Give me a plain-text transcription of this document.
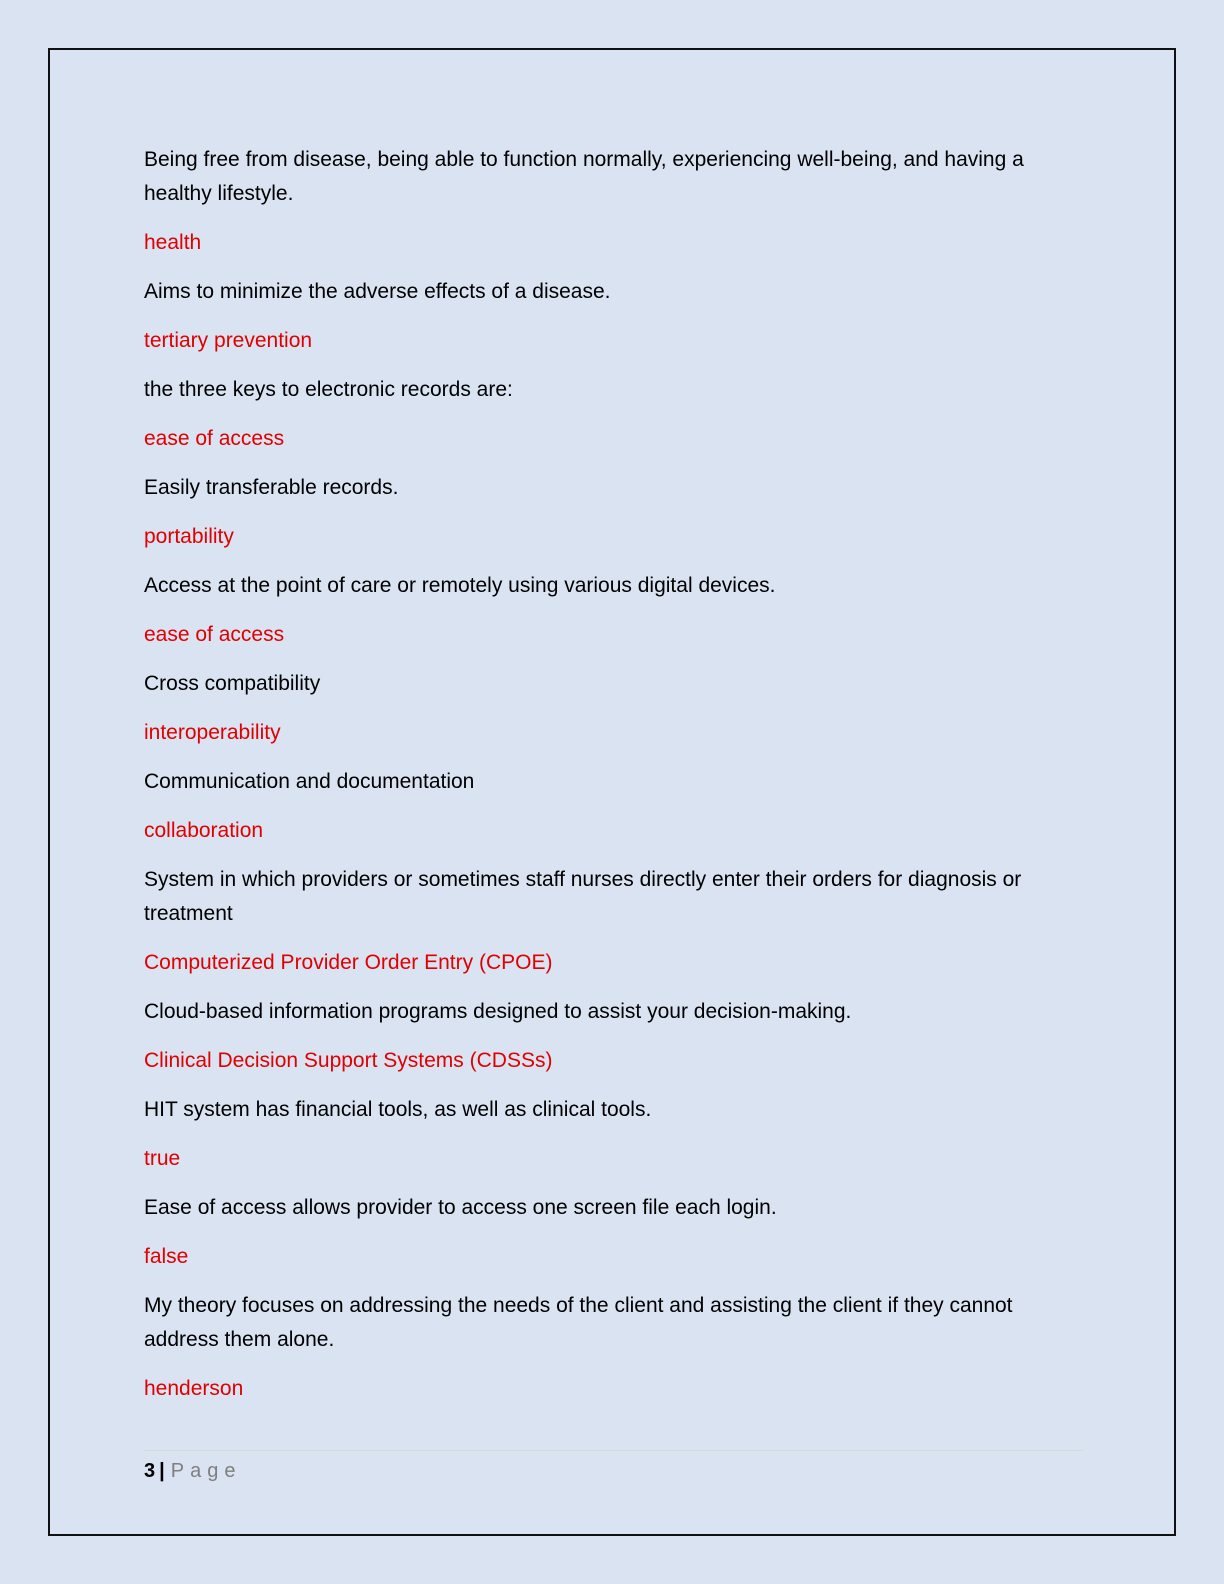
Being free from disease, being able to function normally, experiencing well-being, and having a healthy lifestyle.

health

Aims to minimize the adverse effects of a disease.

tertiary prevention

the three keys to electronic records are:

ease of access

Easily transferable records.

portability

Access at the point of care or remotely using various digital devices.

ease of access

Cross compatibility

interoperability

Communication and documentation

collaboration

System in which providers or sometimes staff nurses directly enter their orders for diagnosis or treatment

Computerized Provider Order Entry (CPOE)

Cloud-based information programs designed to assist your decision-making.

Clinical Decision Support Systems (CDSSs)

HIT system has financial tools, as well as clinical tools.

true

Ease of access allows provider to access one screen file each login.

false

My theory focuses on addressing the needs of the client and assisting the client if they cannot address them alone.

henderson

3 | Page
